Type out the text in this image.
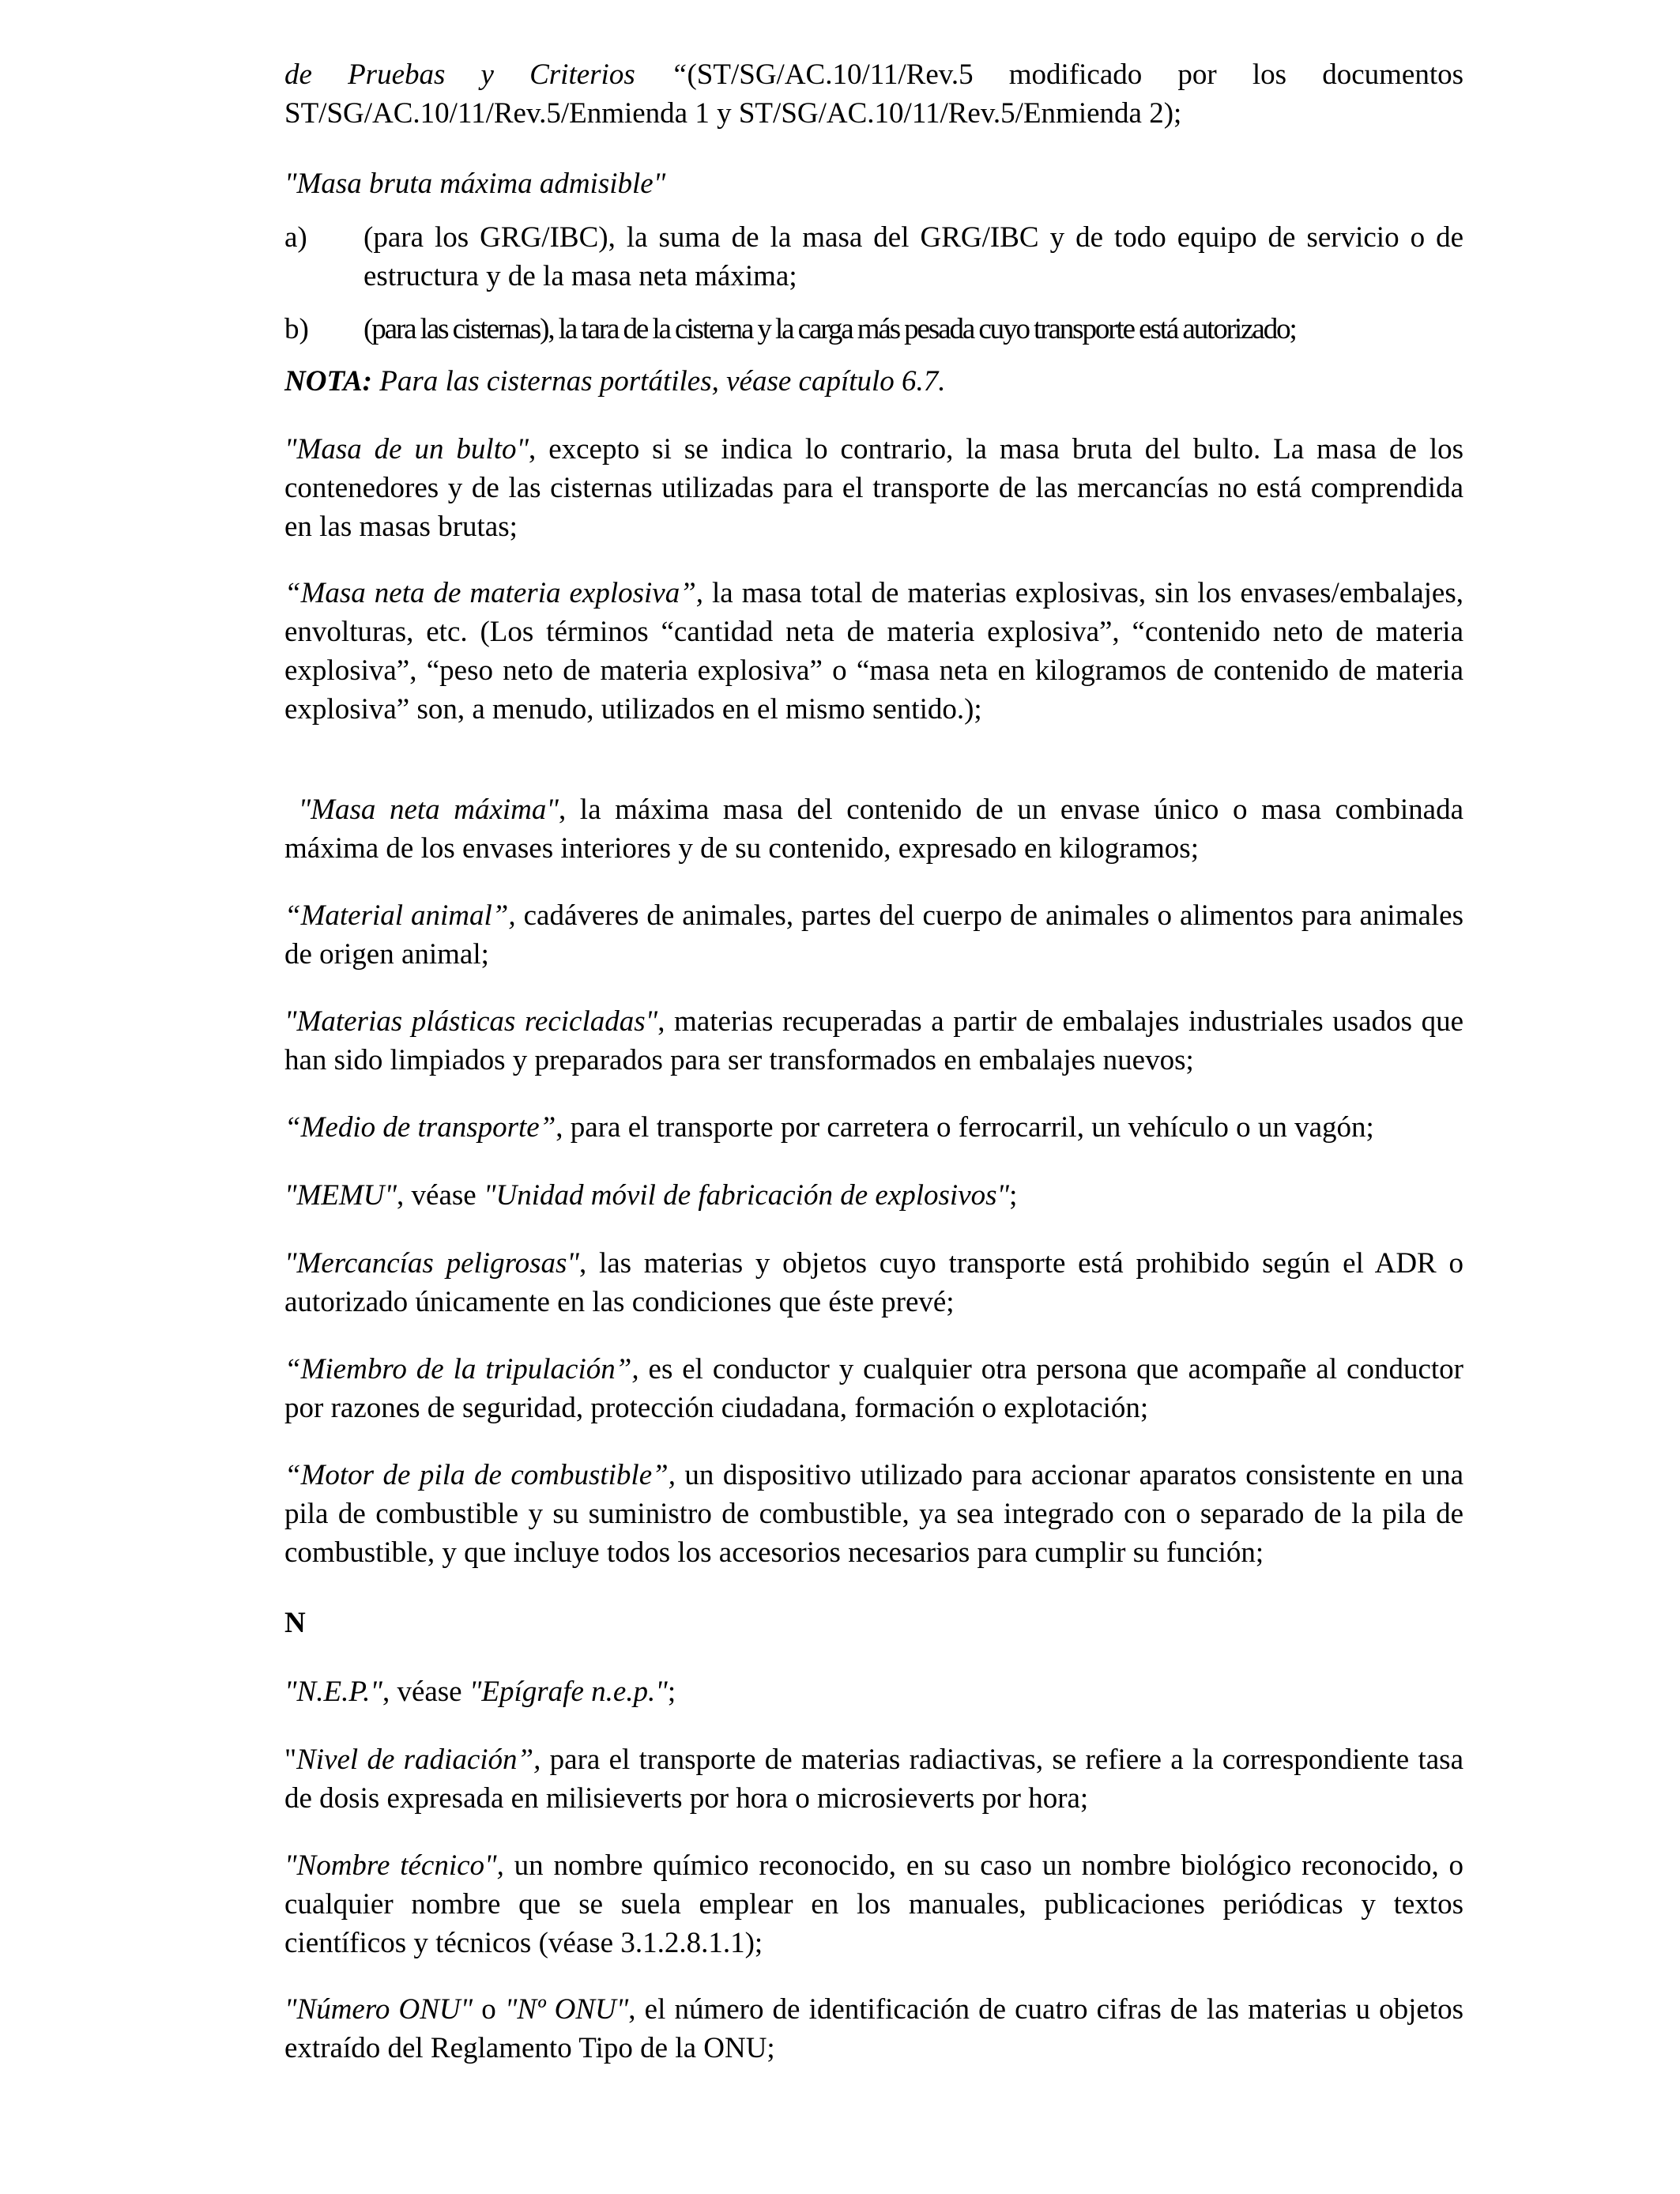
de Pruebas y Criterios “(ST/SG/AC.10/11/Rev.5 modificado por los documentos ST/SG/AC.10/11/Rev.5/Enmienda 1 y ST/SG/AC.10/11/Rev.5/Enmienda 2);

"Masa bruta máxima admisible"

a) (para los GRG/IBC), la suma de la masa del GRG/IBC y de todo equipo de servicio o de estructura y de la masa neta máxima;
b) (para las cisternas), la tara de la cisterna y la carga más pesada cuyo transporte está autorizado;

NOTA: Para las cisternas portátiles, véase capítulo 6.7.

"Masa de un bulto", excepto si se indica lo contrario, la masa bruta del bulto. La masa de los contenedores y de las cisternas utilizadas para el transporte de las mercancías no está comprendida en las masas brutas;

“Masa neta de materia explosiva”, la masa total de materias explosivas, sin los envases/embalajes, envolturas, etc. (Los términos “cantidad neta de materia explosiva”, “contenido neto de materia explosiva”, “peso neto de materia explosiva” o “masa neta en kilogramos de contenido de materia explosiva” son, a menudo, utilizados en el mismo sentido.);

"Masa neta máxima", la máxima masa del contenido de un envase único o masa combinada máxima de los envases interiores y de su contenido, expresado en kilogramos;

“Material animal”, cadáveres de animales, partes del cuerpo de animales o alimentos para animales de origen animal;

"Materias plásticas recicladas", materias recuperadas a partir de embalajes industriales usados que han sido limpiados y preparados para ser transformados en embalajes nuevos;

“Medio de transporte”, para el transporte por carretera o ferrocarril, un vehículo o un vagón;

"MEMU", véase "Unidad móvil de fabricación de explosivos";

"Mercancías peligrosas", las materias y objetos cuyo transporte está prohibido según el ADR o autorizado únicamente en las condiciones que éste prevé;

“Miembro de la tripulación”, es el conductor y cualquier otra persona que acompañe al conductor por razones de seguridad, protección ciudadana, formación o explotación;

“Motor de pila de combustible”, un dispositivo utilizado para accionar aparatos consistente en una pila de combustible y su suministro de combustible, ya sea integrado con o separado de la pila de combustible, y que incluye todos los accesorios necesarios para cumplir su función;

N

"N.E.P.", véase "Epígrafe n.e.p.";

"Nivel de radiación”, para el transporte de materias radiactivas, se refiere a la correspondiente tasa de dosis expresada en milisieverts por hora o microsieverts por hora;

"Nombre técnico", un nombre químico reconocido, en su caso un nombre biológico reconocido, o cualquier nombre que se suela emplear en los manuales, publicaciones periódicas y textos científicos y técnicos (véase 3.1.2.8.1.1);

"Número ONU" o "Nº ONU", el número de identificación de cuatro cifras de las materias u objetos extraído del Reglamento Tipo de la ONU;
